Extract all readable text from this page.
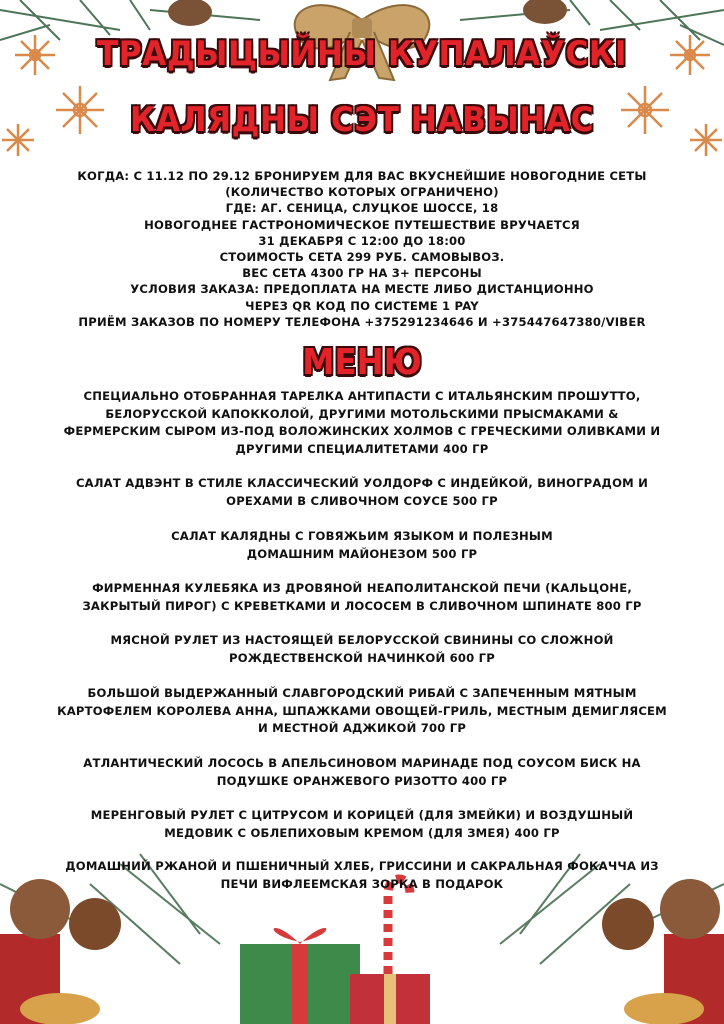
ТРАДЫЦЫЙНЫ КУПАЛАЎСКІ
КАЛЯДНЫ СЭТ НАВЫНАС
КОГДА: С 11.12 ПО 29.12 БРОНИРУЕМ ДЛЯ ВАС ВКУСНЕЙШИЕ НОВОГОДНИЕ СЕТЫ
(КОЛИЧЕСТВО КОТОРЫХ ОГРАНИЧЕНО)
ГДЕ: АГ. СЕНИЦА, СЛУЦКОЕ ШОССЕ, 18
НОВОГОДНЕЕ ГАСТРОНОМИЧЕСКОЕ ПУТЕШЕСТВИЕ ВРУЧАЕТСЯ
31 ДЕКАБРЯ С 12:00 ДО 18:00
СТОИМОСТЬ СЕТА 299 РУБ. САМОВЫВОЗ.
ВЕС СЕТА 4300 ГР НА 3+ ПЕРСОНЫ
УСЛОВИЯ ЗАКАЗА: ПРЕДОПЛАТА НА МЕСТЕ ЛИБО ДИСТАНЦИОННО
ЧЕРЕЗ QR КОД ПО СИСТЕМЕ 1 PAY
ПРИЁМ ЗАКАЗОВ ПО НОМЕРУ ТЕЛЕФОНА +375291234646 И +375447647380/VIBER
МЕНЮ
СПЕЦИАЛЬНО ОТОБРАННАЯ ТАРЕЛКА АНТИПАСТИ С ИТАЛЬЯНСКИМ ПРОШУТТО,
БЕЛОРУССКОЙ КАПОККОЛОЙ, ДРУГИМИ МОТОЛЬСКИМИ ПРЫСМАКАМИ &
ФЕРМЕРСКИМ СЫРОМ ИЗ-ПОД ВОЛОЖИНСКИХ ХОЛМОВ С ГРЕЧЕСКИМИ ОЛИВКАМИ И
ДРУГИМИ СПЕЦИАЛИТЕТАМИ 400 ГР
САЛАТ АДВЭНТ В СТИЛЕ КЛАССИЧЕСКИЙ УОЛДОРФ С ИНДЕЙКОЙ, ВИНОГРАДОМ И
ОРЕХАМИ В СЛИВОЧНОМ СОУСЕ 500 ГР
САЛАТ КАЛЯДНЫ С ГОВЯЖЬИМ ЯЗЫКОМ И ПОЛЕЗНЫМ
ДОМАШНИМ МАЙОНЕЗОМ 500 ГР
ФИРМЕННАЯ КУЛЕБЯКА ИЗ ДРОВЯНОЙ НЕАПОЛИТАНСКОЙ ПЕЧИ (КАЛЬЦОНЕ,
ЗАКРЫТЫЙ ПИРОГ) С КРЕВЕТКАМИ И ЛОСОСЕМ В СЛИВОЧНОМ ШПИНАТЕ 800 ГР
МЯСНОЙ РУЛЕТ ИЗ НАСТОЯЩЕЙ БЕЛОРУССКОЙ СВИНИНЫ СО СЛОЖНОЙ
РОЖДЕСТВЕНСКОЙ НАЧИНКОЙ 600 ГР
БОЛЬШОЙ ВЫДЕРЖАННЫЙ СЛАВГОРОДСКИЙ РИБАЙ С ЗАПЕЧЕННЫМ МЯТНЫМ
КАРТОФЕЛЕМ КОРОЛЕВА АННА, ШПАЖКАМИ ОВОЩЕЙ-ГРИЛЬ, МЕСТНЫМ ДЕМИГЛЯСЕМ
И МЕСТНОЙ АДЖИКОЙ 700 ГР
АТЛАНТИЧЕСКИЙ ЛОСОСЬ В АПЕЛЬСИНОВОМ МАРИНАДЕ ПОД СОУСОМ БИСК НА
ПОДУШКЕ ОРАНЖЕВОГО РИЗОТТО 400 ГР
МЕРЕНГОВЫЙ РУЛЕТ С ЦИТРУСОМ И КОРИЦЕЙ (ДЛЯ ЗМЕЙКИ) И ВОЗДУШНЫЙ
МЕДОВИК С ОБЛЕПИХОВЫМ КРЕМОМ (ДЛЯ ЗМЕЯ) 400 ГР
ДОМАШНИЙ РЖАНОЙ И ПШЕНИЧНЫЙ ХЛЕБ, ГРИССИНИ И САКРАЛЬНАЯ ФОКАЧЧА ИЗ
ПЕЧИ ВИФЛЕЕМСКАЯ ЗОРКА В ПОДАРОК
